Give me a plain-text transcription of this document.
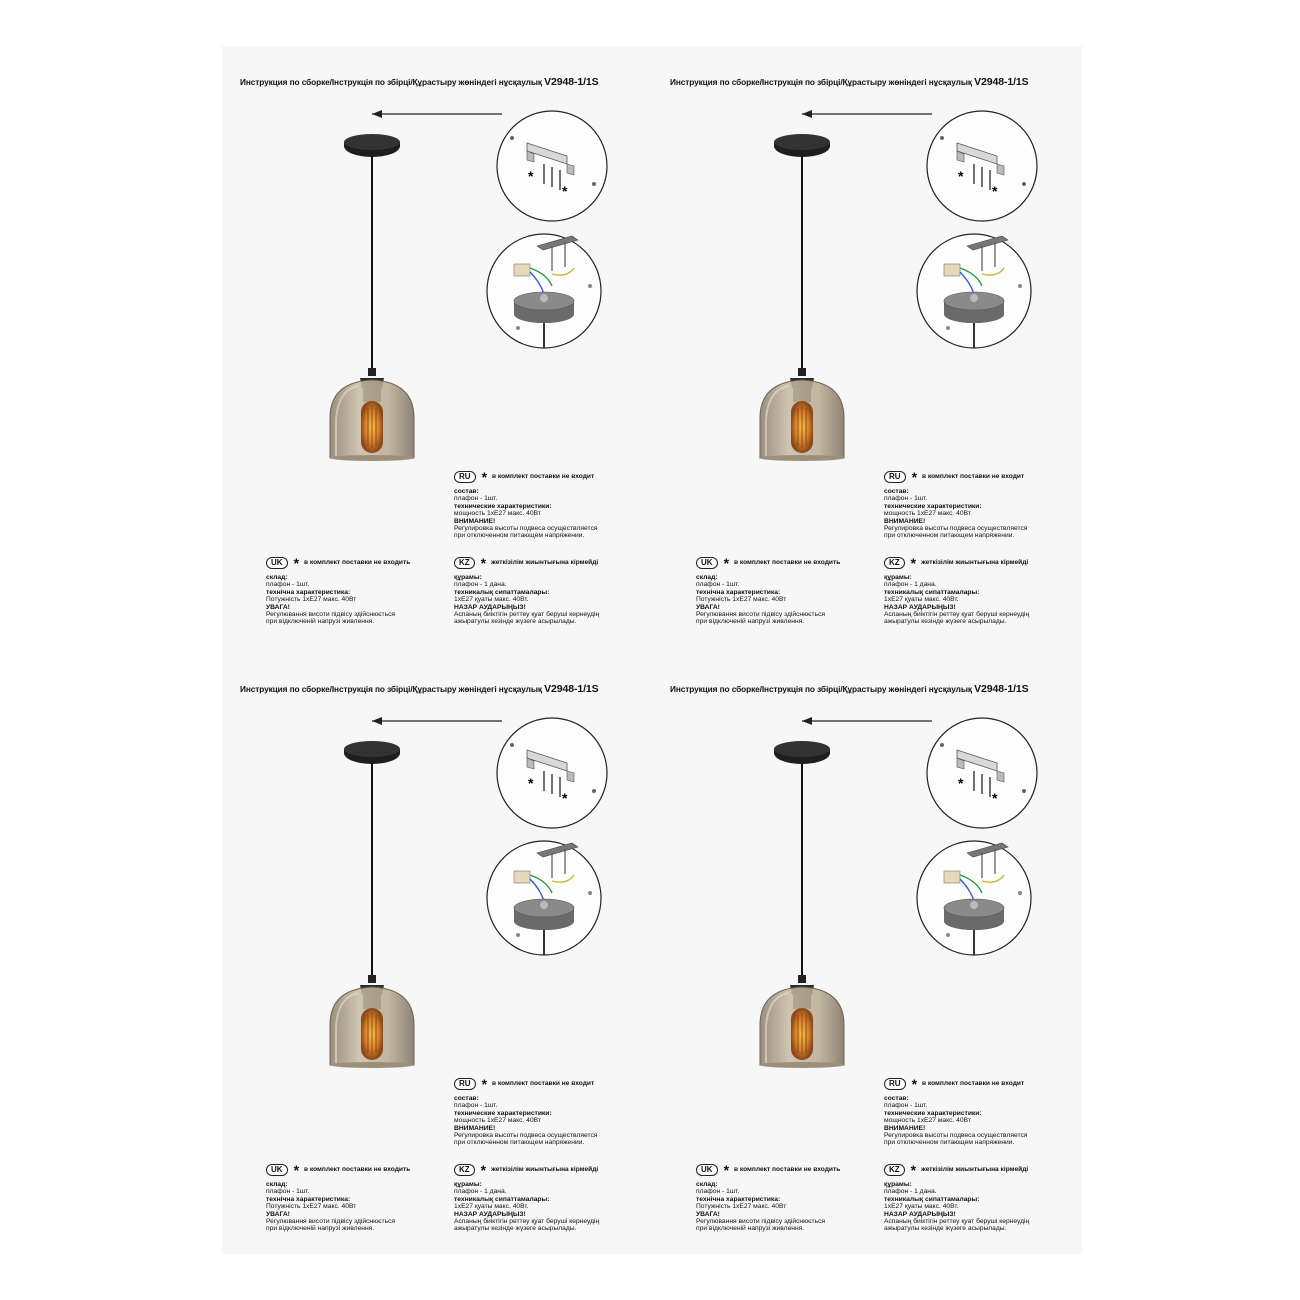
Инструкция по сборке/Інструкція по збірці/Құрастыру жөніндегі нұсқаулық V2948-1/1S
*
*
RU * в комплект поставки не входит
состав:
плафон - 1шт.
технические характеристики:
мощность 1хЕ27 макс. 40Вт
ВНИМАНИЕ!
Регулировка высоты подвеса осуществляется
при отключенном питающем напряжении.
UK * в комплект поставки не входить
склад:
плафон - 1шт.
технічна характеристика:
Потужність 1хЕ27 макс. 40Вт
УВАГА!
Регулювання висоти підвісу здійснюється
при відключеній напрузі живлення.
KZ * жеткізілім жиынтығына кірмейді
құрамы:
плафон - 1 дана.
техникалық сипаттамалары:
1хЕ27 қуаты макс. 40Вт.
НАЗАР АУДАРЫҢЫЗ!
Аспаның биіктігін реттеу қуат беруші кернеудің
ажыратулы кезінде жүзеге асырылады.
Инструкция по сборке/Інструкція по збірці/Құрастыру жөніндегі нұсқаулық V2948-1/1S
*
*
RU * в комплект поставки не входит
состав:
плафон - 1шт.
технические характеристики:
мощность 1хЕ27 макс. 40Вт
ВНИМАНИЕ!
Регулировка высоты подвеса осуществляется
при отключенном питающем напряжении.
UK * в комплект поставки не входить
склад:
плафон - 1шт.
технічна характеристика:
Потужність 1хЕ27 макс. 40Вт
УВАГА!
Регулювання висоти підвісу здійснюється
при відключеній напрузі живлення.
KZ * жеткізілім жиынтығына кірмейді
құрамы:
плафон - 1 дана.
техникалық сипаттамалары:
1хЕ27 қуаты макс. 40Вт.
НАЗАР АУДАРЫҢЫЗ!
Аспаның биіктігін реттеу қуат беруші кернеудің
ажыратулы кезінде жүзеге асырылады.
Инструкция по сборке/Інструкція по збірці/Құрастыру жөніндегі нұсқаулық V2948-1/1S
*
*
RU * в комплект поставки не входит
состав:
плафон - 1шт.
технические характеристики:
мощность 1хЕ27 макс. 40Вт
ВНИМАНИЕ!
Регулировка высоты подвеса осуществляется
при отключенном питающем напряжении.
UK * в комплект поставки не входить
склад:
плафон - 1шт.
технічна характеристика:
Потужність 1хЕ27 макс. 40Вт
УВАГА!
Регулювання висоти підвісу здійснюється
при відключеній напрузі живлення.
KZ * жеткізілім жиынтығына кірмейді
құрамы:
плафон - 1 дана.
техникалық сипаттамалары:
1хЕ27 қуаты макс. 40Вт.
НАЗАР АУДАРЫҢЫЗ!
Аспаның биіктігін реттеу қуат беруші кернеудің
ажыратулы кезінде жүзеге асырылады.
Инструкция по сборке/Інструкція по збірці/Құрастыру жөніндегі нұсқаулық V2948-1/1S
*
*
RU * в комплект поставки не входит
состав:
плафон - 1шт.
технические характеристики:
мощность 1хЕ27 макс. 40Вт
ВНИМАНИЕ!
Регулировка высоты подвеса осуществляется
при отключенном питающем напряжении.
UK * в комплект поставки не входить
склад:
плафон - 1шт.
технічна характеристика:
Потужність 1хЕ27 макс. 40Вт
УВАГА!
Регулювання висоти підвісу здійснюється
при відключеній напрузі живлення.
KZ * жеткізілім жиынтығына кірмейді
құрамы:
плафон - 1 дана.
техникалық сипаттамалары:
1хЕ27 қуаты макс. 40Вт.
НАЗАР АУДАРЫҢЫЗ!
Аспаның биіктігін реттеу қуат беруші кернеудің
ажыратулы кезінде жүзеге асырылады.
